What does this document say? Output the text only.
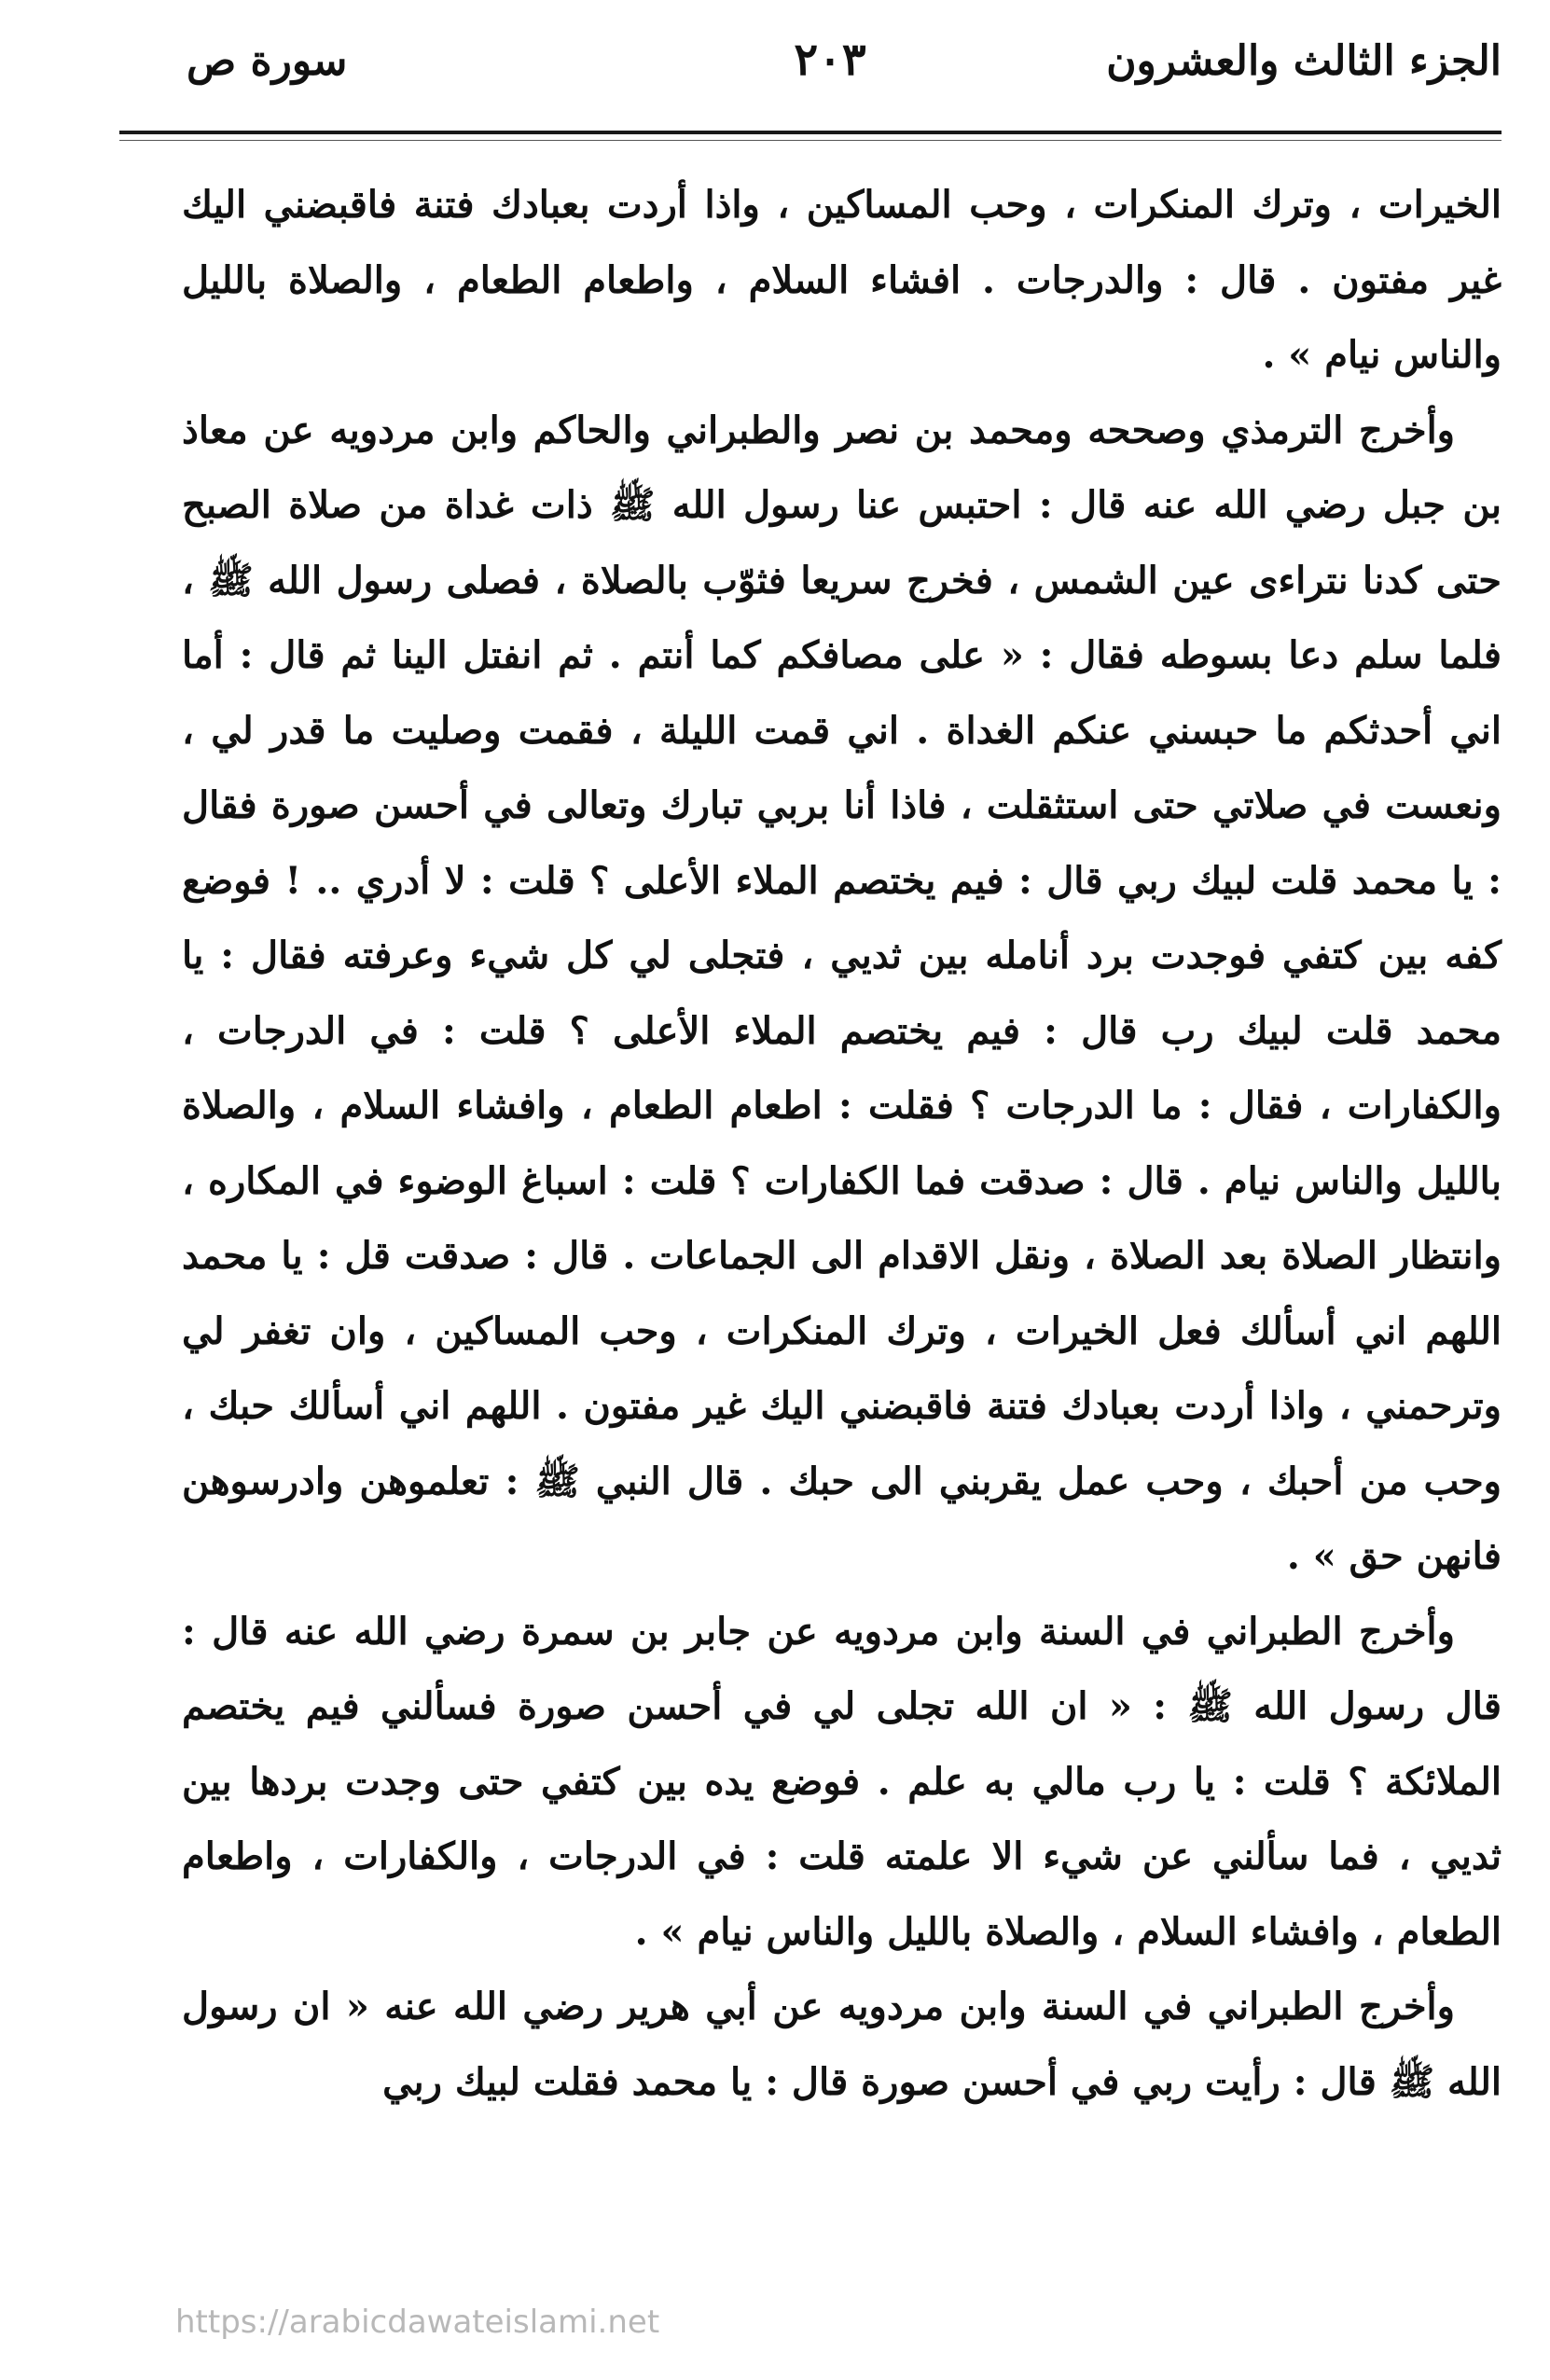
الجزء الثالث والعشرون
٢٠٣
سورة ص

الخيرات ، وترك المنكرات ، وحب المساكين ، واذا أردت بعبادك فتنة فاقبضني اليك غير مفتون . قال : والدرجات . افشاء السلام ، واطعام الطعام ، والصلاة بالليل والناس نيام » .

وأخرج الترمذي وصححه ومحمد بن نصر والطبراني والحاكم وابن مردويه عن معاذ بن جبل رضي الله عنه قال : احتبس عنا رسول الله ﷺ ذات غداة من صلاة الصبح حتى كدنا نتراءى عين الشمس ، فخرج سريعا فثوّب بالصلاة ، فصلى رسول الله ﷺ ، فلما سلم دعا بسوطه فقال : « على مصافكم كما أنتم . ثم انفتل الينا ثم قال : أما اني أحدثكم ما حبسني عنكم الغداة . اني قمت الليلة ، فقمت وصليت ما قدر لي ، ونعست في صلاتي حتى استثقلت ، فاذا أنا بربي تبارك وتعالى في أحسن صورة فقال : يا محمد قلت لبيك ربي قال : فيم يختصم الملاء الأعلى ؟ قلت : لا أدري .. ! فوضع كفه بين كتفي فوجدت برد أنامله بين ثديي ، فتجلى لي كل شيء وعرفته فقال : يا محمد قلت لبيك رب قال : فيم يختصم الملاء الأعلى ؟ قلت : في الدرجات ، والكفارات ، فقال : ما الدرجات ؟ فقلت : اطعام الطعام ، وافشاء السلام ، والصلاة بالليل والناس نيام . قال : صدقت فما الكفارات ؟ قلت : اسباغ الوضوء في المكاره ، وانتظار الصلاة بعد الصلاة ، ونقل الاقدام الى الجماعات . قال : صدقت قل : يا محمد اللهم اني أسألك فعل الخيرات ، وترك المنكرات ، وحب المساكين ، وان تغفر لي وترحمني ، واذا أردت بعبادك فتنة فاقبضني اليك غير مفتون . اللهم اني أسألك حبك ، وحب من أحبك ، وحب عمل يقربني الى حبك . قال النبي ﷺ : تعلموهن وادرسوهن فانهن حق » .

وأخرج الطبراني في السنة وابن مردويه عن جابر بن سمرة رضي الله عنه قال : قال رسول الله ﷺ : « ان الله تجلى لي في أحسن صورة فسألني فيم يختصم الملائكة ؟ قلت : يا رب مالي به علم . فوضع يده بين كتفي حتى وجدت بردها بين ثديي ، فما سألني عن شيء الا علمته قلت : في الدرجات ، والكفارات ، واطعام الطعام ، وافشاء السلام ، والصلاة بالليل والناس نيام » .

وأخرج الطبراني في السنة وابن مردويه عن أبي هرير رضي الله عنه « ان رسول الله ﷺ قال : رأيت ربي في أحسن صورة قال : يا محمد فقلت لبيك ربي

https://arabicdawateislami.net
